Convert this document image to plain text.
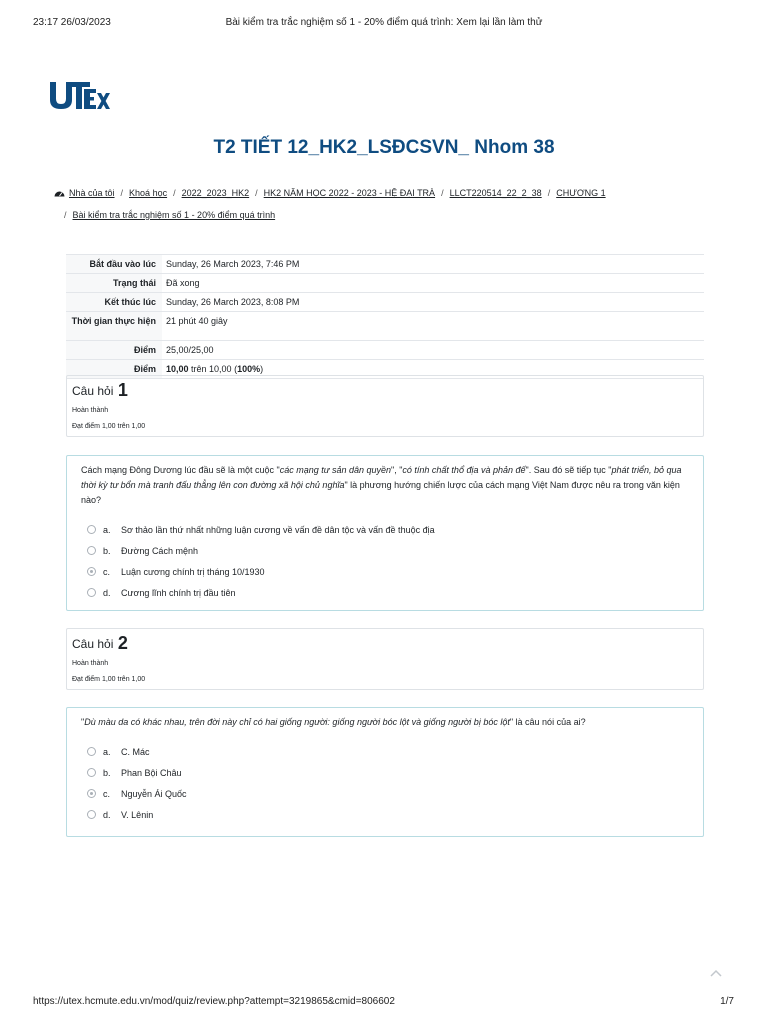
23:17 26/03/2023	Bài kiểm tra trắc nghiệm số 1 - 20% điểm quá trình: Xem lại lần làm thử
T2 TIẾT 12_HK2_LSĐCSVN_ Nhom 38
Nhà của tôi / Khoá học / 2022_2023_HK2 / HK2 NĂM HỌC 2022 - 2023 - HỆ ĐẠI TRÀ / LLCT220514_22_2_38 / CHƯƠNG 1
/ Bài kiểm tra trắc nghiệm số 1 - 20% điểm quá trình
Bắt đầu vào lúc	Sunday, 26 March 2023, 7:46 PM
Trạng thái	Đã xong
Kết thúc lúc	Sunday, 26 March 2023, 8:08 PM
Thời gian thực hiện	21 phút 40 giây
Điểm	25,00/25,00
Điểm	10,00 trên 10,00 (100%)
Câu hỏi 1
Hoàn thành
Đạt điểm 1,00 trên 1,00
Cách mạng Đông Dương lúc đầu sẽ là một cuộc "các mạng tư sản dân quyền", "có tính chất thổ địa và phản đế". Sau đó sẽ tiếp tục "phát triển, bỏ qua thời kỳ tư bổn mà tranh đấu thẳng lên con đường xã hội chủ nghĩa" là phương hướng chiến lược của cách mạng Việt Nam được nêu ra trong văn kiện nào?
a.	Sơ thảo lần thứ nhất những luận cương về vấn đề dân tộc và vấn đề thuộc địa
b.	Đường Cách mệnh
c.	Luận cương chính trị tháng 10/1930
d.	Cương lĩnh chính trị đầu tiên
Câu hỏi 2
Hoàn thành
Đạt điểm 1,00 trên 1,00
"Dù màu da có khác nhau, trên đời này chỉ có hai giống người: giống người bóc lột và giống người bị bóc lột" là câu nói của ai?
a.	C. Mác
b.	Phan Bội Châu
c.	Nguyễn Ái Quốc
d.	V. Lênin
https://utex.hcmute.edu.vn/mod/quiz/review.php?attempt=3219865&cmid=806602	1/7
